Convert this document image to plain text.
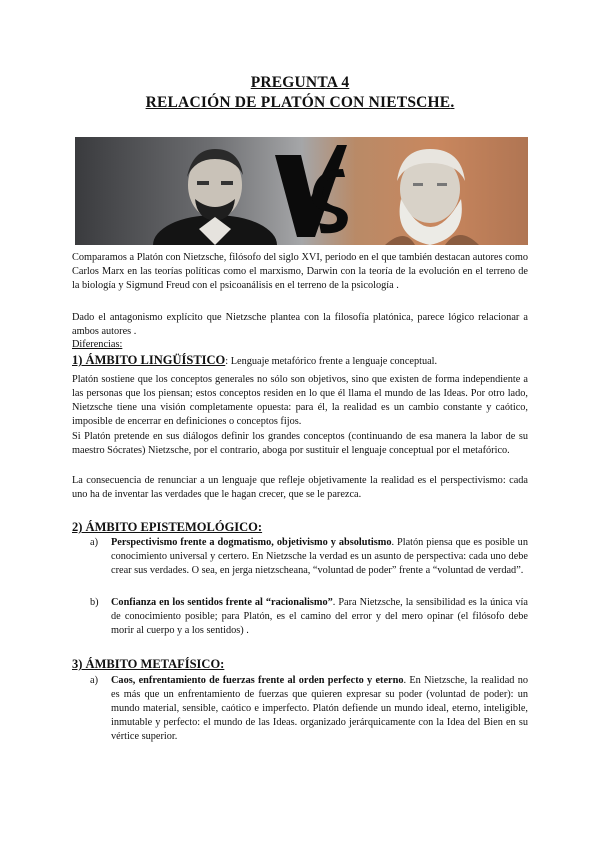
PREGUNTA 4
RELACIÓN DE PLATÓN CON NIETSCHE.
Comparamos a Platón con Nietzsche, filósofo del siglo XVI, periodo en el que también destacan autores como Carlos Marx en las teorías políticas como el marxismo, Darwin con la teoría de la evolución en el terreno de la biología y Sigmund Freud con el psicoanálisis en el terreno de la psicología .
Dado el antagonismo explícito que Nietzsche plantea con la filosofía platónica, parece lógico relacionar a ambos autores .
Diferencias:
1) ÁMBITO LINGÜÍSTICO: Lenguaje metafórico frente a lenguaje conceptual.
Platón sostiene que los conceptos generales no sólo son objetivos, sino que existen de forma independiente a las personas que los piensan; estos conceptos residen en lo que él llama el mundo de las Ideas. Por otro lado, Nietzsche tiene una visión completamente opuesta: para él, la realidad es un cambio constante y caótico, imposible de encerrar en definiciones o conceptos fijos.
Si Platón pretende en sus diálogos definir los grandes conceptos (continuando de esa manera la labor de su maestro Sócrates) Nietzsche, por el contrario, aboga por sustituir el lenguaje conceptual por el metafórico.
La consecuencia de renunciar a un lenguaje que refleje objetivamente la realidad es el perspectivismo: cada uno ha de inventar las verdades que le hagan crecer, que se le parezca.
2) ÁMBITO EPISTEMOLÓGICO:
a) Perspectivismo frente a dogmatismo, objetivismo y absolutismo. Platón piensa que es posible un conocimiento universal y certero. En Nietzsche la verdad es un asunto de perspectiva: cada uno debe crear sus verdades. O sea, en jerga nietzscheana, “voluntad de poder” frente a “voluntad de verdad”.
b) Confianza en los sentidos frente al “racionalismo”. Para Nietzsche, la sensibilidad es la única vía de conocimiento posible; para Platón, es el camino del error y del mero opinar (el filósofo debe morir al cuerpo y a los sentidos) .
3) ÁMBITO METAFÍSICO:
a) Caos, enfrentamiento de fuerzas frente al orden perfecto y eterno. En Nietzsche, la realidad no es más que un enfrentamiento de fuerzas que quieren expresar su poder (voluntad de poder): un mundo material, sensible, caótico e imperfecto. Platón defiende un mundo ideal, eterno, inteligible, inmutable y perfecto: el mundo de las Ideas. organizado jerárquicamente con la Idea del Bien en su vértice superior.
